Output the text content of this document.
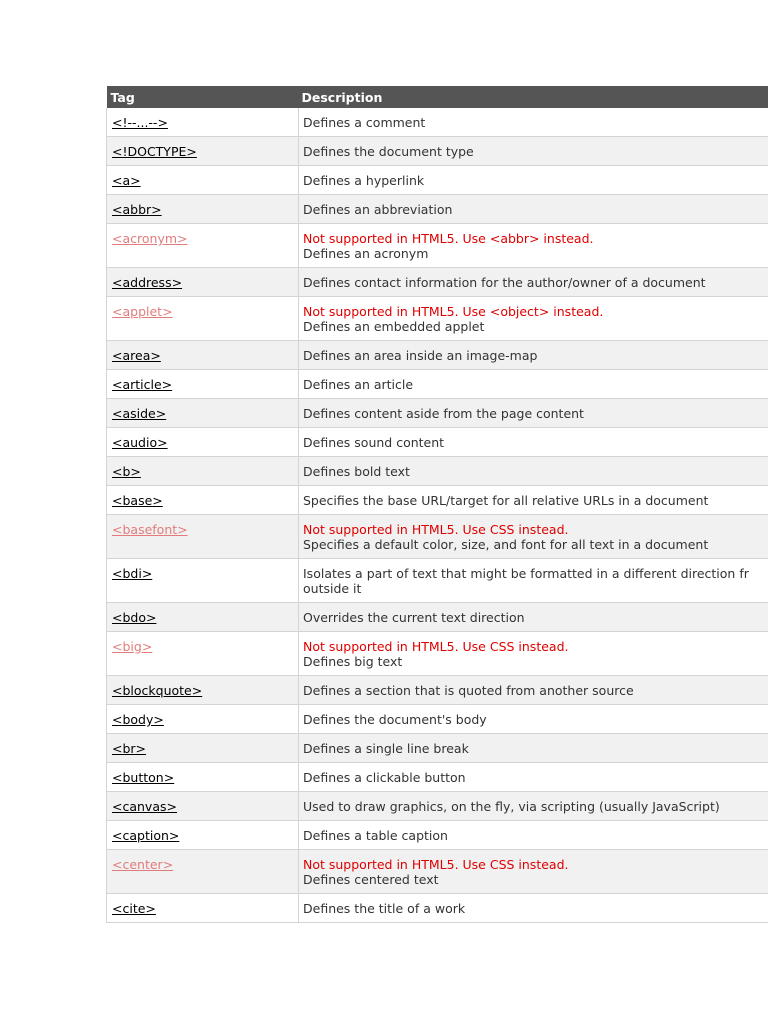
Tag	Description
<!--...-->	Defines a comment

<!DOCTYPE>	Defines the document type

<a>	Defines a hyperlink

<abbr>	Defines an abbreviation

<acronym>	Not supported in HTML5. Use <abbr> instead.
Defines an acronym

<address>	Defines contact information for the author/owner of a document

<applet>	Not supported in HTML5. Use <object> instead.
Defines an embedded applet

<area>	Defines an area inside an image-map

<article>	Defines an article

<aside>	Defines content aside from the page content

<audio>	Defines sound content

<b>	Defines bold text

<base>	Specifies the base URL/target for all relative URLs in a document

<basefont>	Not supported in HTML5. Use CSS instead.
Specifies a default color, size, and font for all text in a document

<bdi>	Isolates a part of text that might be formatted in a different direction fr
outside it

<bdo>	Overrides the current text direction

<big>	Not supported in HTML5. Use CSS instead.
Defines big text

<blockquote>	Defines a section that is quoted from another source

<body>	Defines the document's body

<br>	Defines a single line break

<button>	Defines a clickable button

<canvas>	Used to draw graphics, on the fly, via scripting (usually JavaScript)

<caption>	Defines a table caption

<center>	Not supported in HTML5. Use CSS instead.
Defines centered text

<cite>	Defines the title of a work
